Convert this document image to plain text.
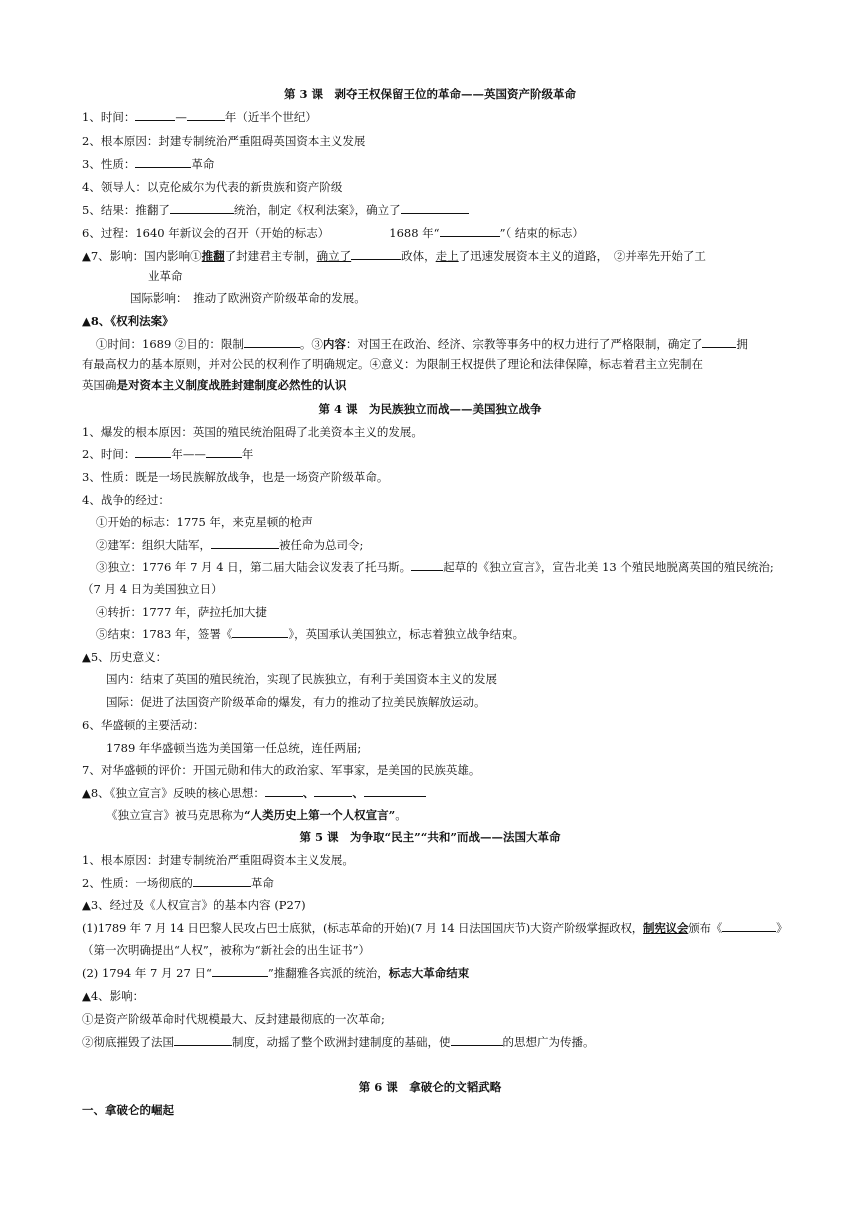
第 3 课　剥夺王权保留王位的革命——英国资产阶级革命
1、时间：	—	年（近半个世纪）
2、根本原因：封建专制统治严重阻碍英国资本主义发展
3、性质：	革命
4、领导人：以克伦威尔为代表的新贵族和资产阶级
5、结果：推翻了	统治，制定《权利法案》，确立了
6、过程：1640 年新议会的召开（开始的标志）	1688 年“	”（ 结束的标志）
▲7、影响：国内影响①推翻了封建君主专制，确立了	政体，走上了迅速发展资本主义的道路，　②并率先开始了工
业革命
国际影响：　推动了欧洲资产阶级革命的发展。
▲8、《权利法案》
①时间：1689 ②目的：限制	。③内容：对国王在政治、经济、宗教等事务中的权力进行了严格限制，确定了	拥
有最高权力的基本原则，并对公民的权利作了明确规定。④意义：为限制王权提供了理论和法律保障，标志着君主立宪制在
英国确是对资本主义制度战胜封建制度必然性的认识
第 4 课　为民族独立而战——美国独立战争
1、爆发的根本原因：英国的殖民统治阻碍了北美资本主义的发展。
2、时间：	年——	年
3、性质：既是一场民族解放战争，也是一场资产阶级革命。
4、战争的经过：
①开始的标志：1775 年，来克星顿的枪声
②建军：组织大陆军，	被任命为总司令;
③独立：1776 年 7 月 4 日，第二届大陆会议发表了托马斯。	起草的《独立宣言》，宣告北美 13 个殖民地脱离英国的殖民统治;
（7 月 4 日为美国独立日）
④转折：1777 年，萨拉托加大捷
⑤结束：1783 年，签署《	》，英国承认美国独立，标志着独立战争结束。
▲5、历史意义：
国内：结束了英国的殖民统治，实现了民族独立，有利于美国资本主义的发展
国际：促进了法国资产阶级革命的爆发，有力的推动了拉美民族解放运动。
6、华盛顿的主要活动：
1789 年华盛顿当选为美国第一任总统，连任两届;
7、对华盛顿的评价：开国元勋和伟大的政治家、军事家，是美国的民族英雄。
▲8、《独立宣言》反映的核心思想：	、	、
《独立宣言》被马克思称为“人类历史上第一个人权宣言”。
第 5 课　为争取“民主”“共和”而战——法国大革命
1、根本原因：封建专制统治严重阻碍资本主义发展。
2、性质：一场彻底的	革命
▲3、经过及《人权宣言》的基本内容 (P27)
(1)1789 年 7 月 14 日巴黎人民攻占巴士底狱，(标志革命的开始)(7 月 14 日法国国庆节)大资产阶级掌握政权，制宪议会颁布《	》
（第一次明确提出“人权”，被称为“新社会的出生证书”）
(2) 1794 年 7 月 27 日“	”推翻雅各宾派的统治，标志大革命结束
▲4、影响：
①是资产阶级革命时代规模最大、反封建最彻底的一次革命;
②彻底摧毁了法国	制度，动摇了整个欧洲封建制度的基础，使	的思想广为传播。
第 6 课　拿破仑的文韬武略
一、拿破仑的崛起
